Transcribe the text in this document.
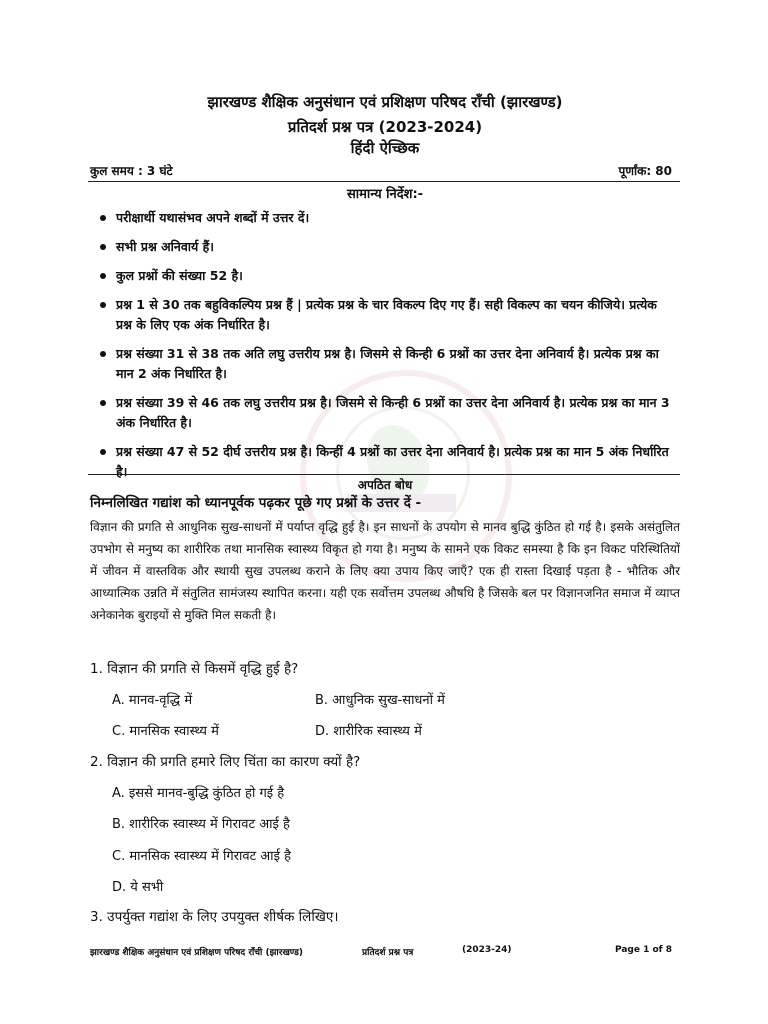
झारखण्ड शैक्षिक अनुसंधान एवं प्रशिक्षण परिषद राँची (झारखण्ड)
प्रतिदर्श प्रश्न पत्र (2023-2024)
हिंदी ऐच्छिक
कुल समय : 3 घंटे	पूर्णांक: 80
सामान्य निर्देश:-
परीक्षार्थी यथासंभव अपने शब्दों में उत्तर दें।
सभी प्रश्न अनिवार्य हैं।
कुल प्रश्नों की संख्या 52 है।
प्रश्न 1 से 30 तक बहुविकल्पिय प्रश्न हैं | प्रत्येक प्रश्न के चार विकल्प दिए गए हैं। सही विकल्प का चयन कीजिये। प्रत्येक प्रश्न के लिए एक अंक निर्धारित है।
प्रश्न संख्या 31 से 38 तक अति लघु उत्तरीय प्रश्न है। जिसमे से किन्ही 6 प्रश्नों का उत्तर देना अनिवार्य है। प्रत्येक प्रश्न का मान 2 अंक निर्धारित है।
प्रश्न संख्या 39 से 46 तक लघु उत्तरीय प्रश्न है। जिसमे से किन्ही 6 प्रश्नों का उत्तर देना अनिवार्य है। प्रत्येक प्रश्न का मान 3 अंक निर्धारित है।
प्रश्न संख्या 47 से 52 दीर्घ उत्तरीय प्रश्न है। किन्हीं 4 प्रश्नों का उत्तर देना अनिवार्य है। प्रत्येक प्रश्न का मान 5 अंक निर्धारित है।
अपठित बोध
निम्नलिखित गद्यांश को ध्यानपूर्वक पढ़कर पूछे गए प्रश्नों के उत्तर दें -

विज्ञान की प्रगति से आधुनिक सुख-साधनों में पर्याप्त वृद्धि हुई है। इन साधनों के उपयोग से मानव बुद्धि कुंठित हो गई है। इसके असंतुलित उपभोग से मनुष्य का शारीरिक तथा मानसिक स्वास्थ्य विकृत हो गया है। मनुष्य के सामने एक विकट समस्या है कि इन विकट परिस्थितियों में जीवन में वास्तविक और स्थायी सुख उपलब्ध कराने के लिए क्या उपाय किए जाएँ? एक ही रास्ता दिखाई पड़ता है - भौतिक और आध्यात्मिक उन्नति में संतुलित सामंजस्य स्थापित करना। यही एक सर्वोत्तम उपलब्ध औषधि है जिसके बल पर विज्ञानजनित समाज में व्याप्त अनेकानेक बुराइयों से मुक्ति मिल सकती है।

1. विज्ञान की प्रगति से किसमें वृद्धि हुई है?
A. मानव-वृद्धि में	B. आधुनिक सुख-साधनों में
C. मानसिक स्वास्थ्य में	D. शारीरिक स्वास्थ्य में
2. विज्ञान की प्रगति हमारे लिए चिंता का कारण क्यों है?
A. इससे मानव-बुद्धि कुंठित हो गई है
B. शारीरिक स्वास्थ्य में गिरावट आई है
C. मानसिक स्वास्थ्य में गिरावट आई है
D. ये सभी
3. उपर्युक्त गद्यांश के लिए उपयुक्त शीर्षक लिखिए।
झारखण्ड शैक्षिक अनुसंधान एवं प्रशिक्षण परिषद राँची (झारखण्ड)	प्रतिदर्श प्रश्न पत्र	(2023-24)	Page 1 of 8
